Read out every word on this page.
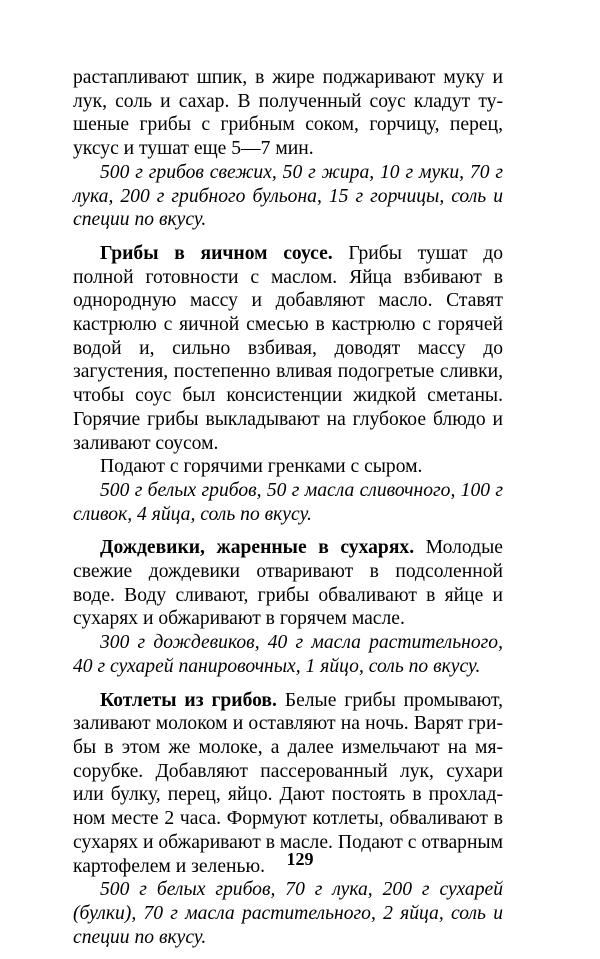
растапливают шпик, в жире поджаривают муку и лук, соль и сахар. В полученный соус кладут тушеные грибы с грибным соком, горчицу, перец, уксус и тушат еще 5—7 мин.

500 г грибов свежих, 50 г жира, 10 г муки, 70 г лука, 200 г грибного бульона, 15 г горчицы, соль и специи по вкусу.

Грибы в яичном соусе. Грибы тушат до полной готовности с маслом. Яйца взбивают в однородную массу и добавляют масло. Ставят кастрюлю с яичной смесью в кастрюлю с горячей водой и, сильно взбивая, доводят массу до загустения, постепенно вливая подогретые сливки, чтобы соус был консистенции жидкой сметаны. Горячие грибы выкладывают на глубокое блюдо и заливают соусом.

Подают с горячими гренками с сыром.

500 г белых грибов, 50 г масла сливочного, 100 г сливок, 4 яйца, соль по вкусу.

Дождевики, жаренные в сухарях. Молодые свежие дождевики отваривают в подсоленной воде. Воду сливают, грибы обваливают в яйце и сухарях и обжаривают в горячем масле.

300 г дождевиков, 40 г масла растительного, 40 г сухарей панировочных, 1 яйцо, соль по вкусу.

Котлеты из грибов. Белые грибы промывают, заливают молоком и оставляют на ночь. Варят грибы в этом же молоке, а далее измельчают на мясорубке. Добавляют пассерованный лук, сухари или булку, перец, яйцо. Дают постоять в прохладном месте 2 часа. Формуют котлеты, обваливают в сухарях и обжаривают в масле. Подают с отварным картофелем и зеленью.

500 г белых грибов, 70 г лука, 200 г сухарей (булки), 70 г масла растительного, 2 яйца, соль и специи по вкусу.

129
